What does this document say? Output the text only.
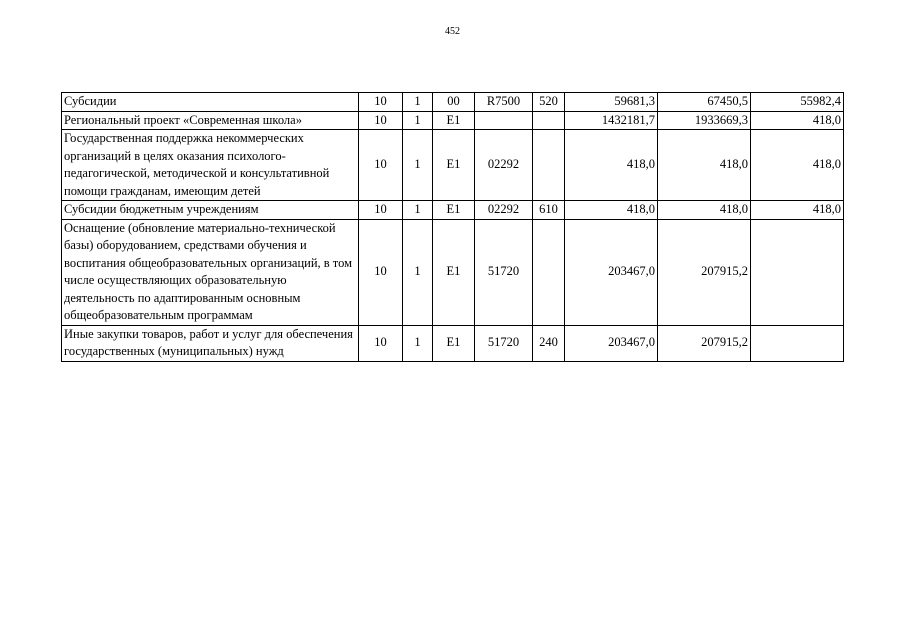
452
Субсидии	10	1	00	R7500	520	59681,3	67450,5	55982,4
Региональный проект «Современная школа»	10	1	E1			1432181,7	1933669,3	418,0
Государственная поддержка некоммерческих организаций в целях оказания психолого-педагогической, методической и консультативной помощи гражданам, имеющим детей	10	1	E1	02292		418,0	418,0	418,0
Субсидии бюджетным учреждениям	10	1	E1	02292	610	418,0	418,0	418,0
Оснащение (обновление материально-технической базы) оборудованием, средствами обучения и воспитания общеобразовательных организаций, в том числе осуществляющих образовательную деятельность по адаптированным основным общеобразовательным программам	10	1	E1	51720		203467,0	207915,2	
Иные закупки товаров, работ и услуг для обеспечения государственных (муниципальных) нужд	10	1	E1	51720	240	203467,0	207915,2	
